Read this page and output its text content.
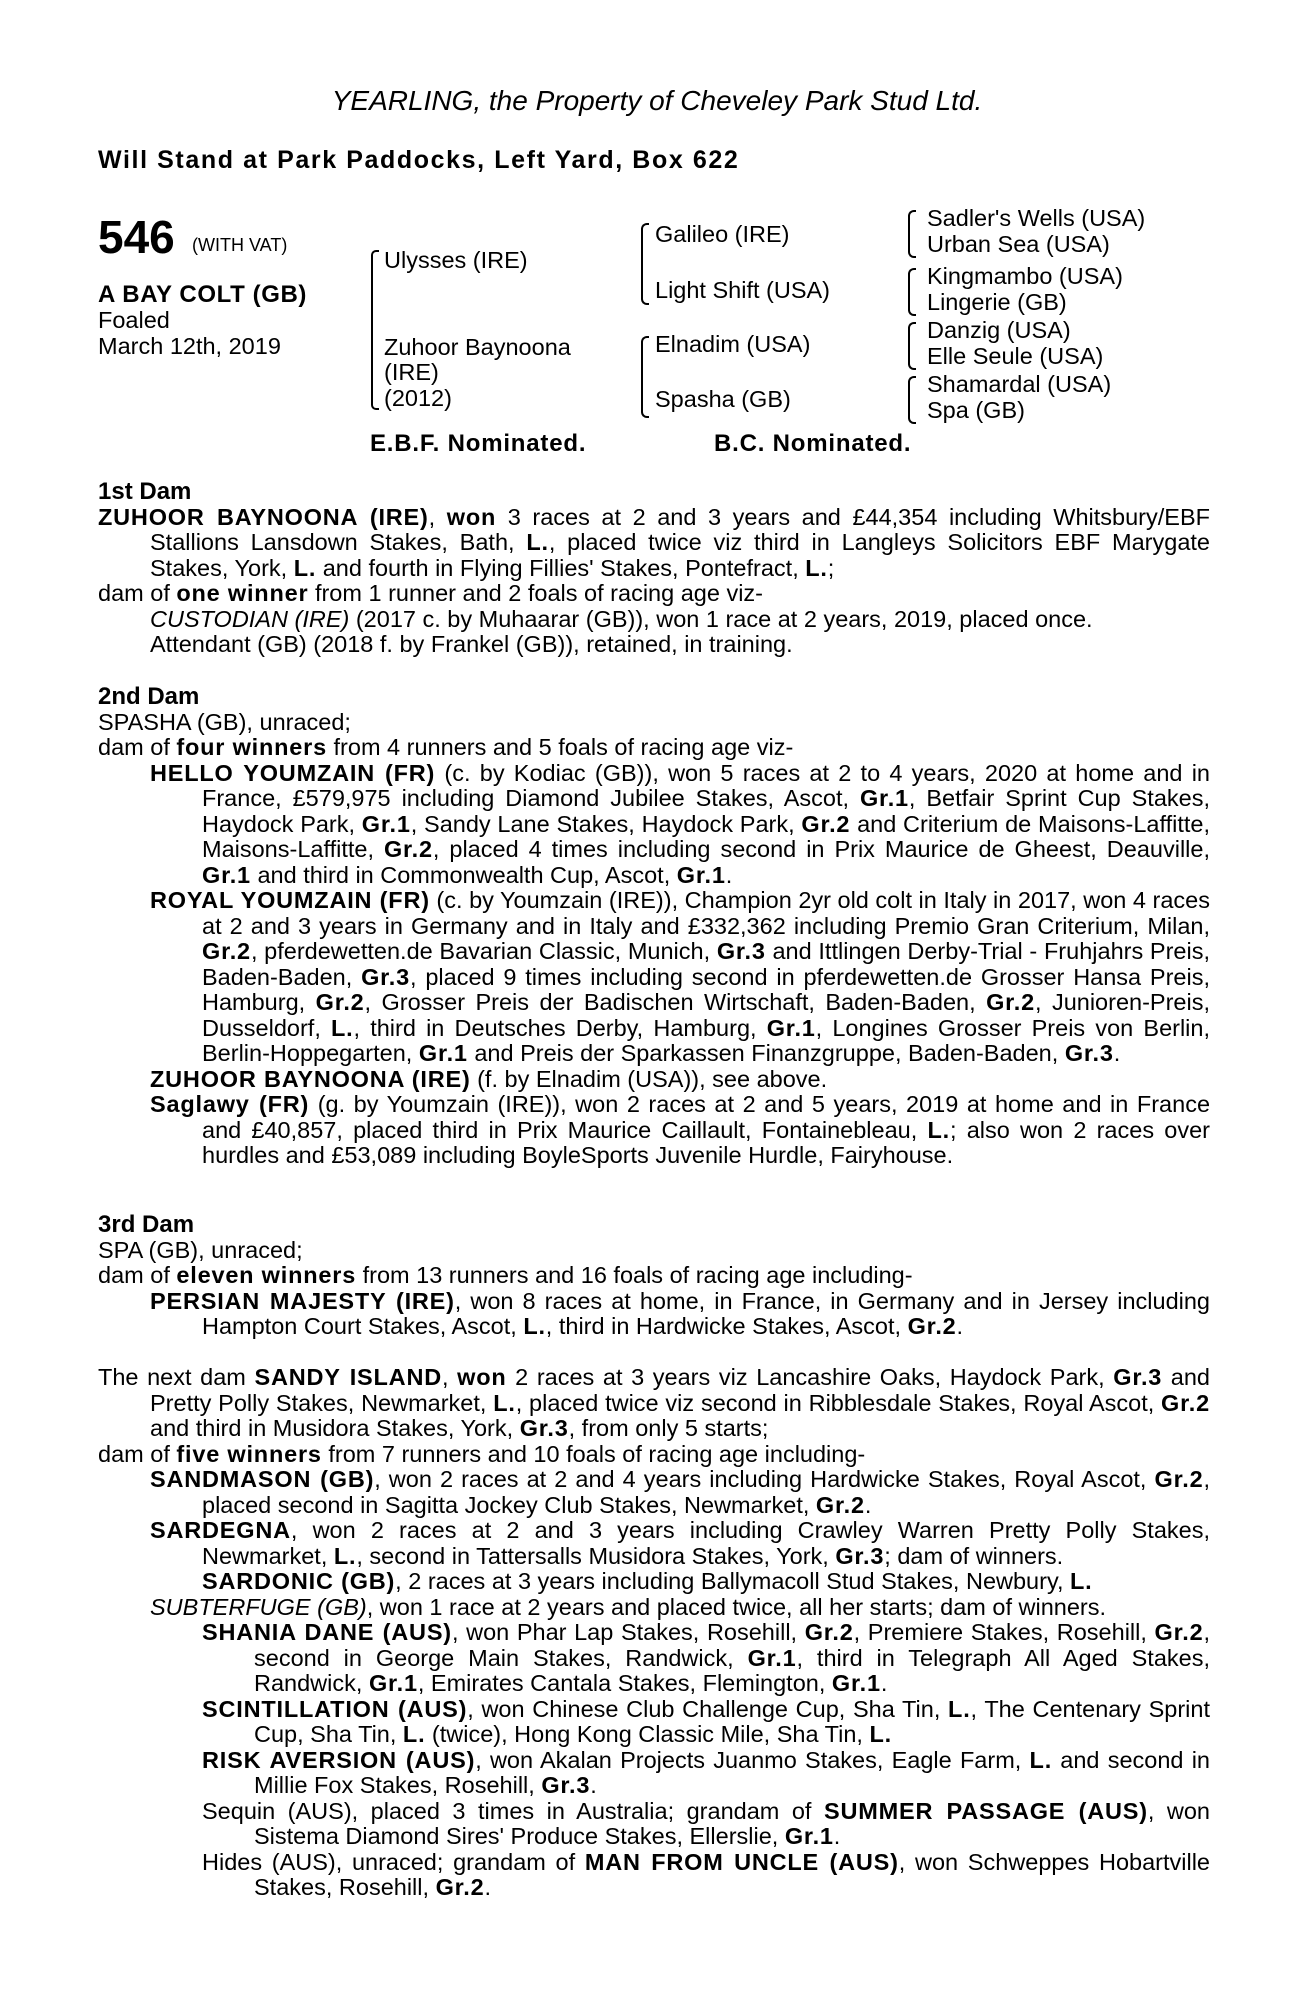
YEARLING, the Property of Cheveley Park Stud Ltd.
Will Stand at Park Paddocks, Left Yard, Box 622
546 (WITH VAT)
A BAY COLT (GB)
Foaled
March 12th, 2019
Ulysses (IRE)
Zuhoor Baynoona
(IRE)
(2012)
Galileo (IRE)
Light Shift (USA)
Elnadim (USA)
Spasha (GB)
Sadler's Wells (USA)
Urban Sea (USA)
Kingmambo (USA)
Lingerie (GB)
Danzig (USA)
Elle Seule (USA)
Shamardal (USA)
Spa (GB)
E.B.F. Nominated.	B.C. Nominated.
1st Dam

ZUHOOR BAYNOONA (IRE), won 3 races at 2 and 3 years and £44,354 including Whitsbury/EBF Stallions Lansdown Stakes, Bath, L., placed twice viz third in Langleys Solicitors EBF Marygate Stakes, York, L. and fourth in Flying Fillies' Stakes, Pontefract, L.;

dam of one winner from 1 runner and 2 foals of racing age viz-

CUSTODIAN (IRE) (2017 c. by Muhaarar (GB)), won 1 race at 2 years, 2019, placed once.

Attendant (GB) (2018 f. by Frankel (GB)), retained, in training.

2nd Dam

SPASHA (GB), unraced;

dam of four winners from 4 runners and 5 foals of racing age viz-

HELLO YOUMZAIN (FR) (c. by Kodiac (GB)), won 5 races at 2 to 4 years, 2020 at home and in France, £579,975 including Diamond Jubilee Stakes, Ascot, Gr.1, Betfair Sprint Cup Stakes, Haydock Park, Gr.1, Sandy Lane Stakes, Haydock Park, Gr.2 and Criterium de Maisons-Laffitte, Maisons-Laffitte, Gr.2, placed 4 times including second in Prix Maurice de Gheest, Deauville, Gr.1 and third in Commonwealth Cup, Ascot, Gr.1.

ROYAL YOUMZAIN (FR) (c. by Youmzain (IRE)), Champion 2yr old colt in Italy in 2017, won 4 races at 2 and 3 years in Germany and in Italy and £332,362 including Premio Gran Criterium, Milan, Gr.2, pferdewetten.de Bavarian Classic, Munich, Gr.3 and Ittlingen Derby-Trial - Fruhjahrs Preis, Baden-Baden, Gr.3, placed 9 times including second in pferdewetten.de Grosser Hansa Preis, Hamburg, Gr.2, Grosser Preis der Badischen Wirtschaft, Baden-Baden, Gr.2, Junioren-Preis, Dusseldorf, L., third in Deutsches Derby, Hamburg, Gr.1, Longines Grosser Preis von Berlin, Berlin-Hoppegarten, Gr.1 and Preis der Sparkassen Finanzgruppe, Baden-Baden, Gr.3.

ZUHOOR BAYNOONA (IRE) (f. by Elnadim (USA)), see above.

Saglawy (FR) (g. by Youmzain (IRE)), won 2 races at 2 and 5 years, 2019 at home and in France and £40,857, placed third in Prix Maurice Caillault, Fontainebleau, L.; also won 2 races over hurdles and £53,089 including BoyleSports Juvenile Hurdle, Fairyhouse.

3rd Dam

SPA (GB), unraced;

dam of eleven winners from 13 runners and 16 foals of racing age including-

PERSIAN MAJESTY (IRE), won 8 races at home, in France, in Germany and in Jersey including Hampton Court Stakes, Ascot, L., third in Hardwicke Stakes, Ascot, Gr.2.

The next dam SANDY ISLAND, won 2 races at 3 years viz Lancashire Oaks, Haydock Park, Gr.3 and Pretty Polly Stakes, Newmarket, L., placed twice viz second in Ribblesdale Stakes, Royal Ascot, Gr.2 and third in Musidora Stakes, York, Gr.3, from only 5 starts;

dam of five winners from 7 runners and 10 foals of racing age including-

SANDMASON (GB), won 2 races at 2 and 4 years including Hardwicke Stakes, Royal Ascot, Gr.2, placed second in Sagitta Jockey Club Stakes, Newmarket, Gr.2.

SARDEGNA, won 2 races at 2 and 3 years including Crawley Warren Pretty Polly Stakes, Newmarket, L., second in Tattersalls Musidora Stakes, York, Gr.3; dam of winners.

SARDONIC (GB), 2 races at 3 years including Ballymacoll Stud Stakes, Newbury, L.

SUBTERFUGE (GB), won 1 race at 2 years and placed twice, all her starts; dam of winners.

SHANIA DANE (AUS), won Phar Lap Stakes, Rosehill, Gr.2, Premiere Stakes, Rosehill, Gr.2, second in George Main Stakes, Randwick, Gr.1, third in Telegraph All Aged Stakes, Randwick, Gr.1, Emirates Cantala Stakes, Flemington, Gr.1.

SCINTILLATION (AUS), won Chinese Club Challenge Cup, Sha Tin, L., The Centenary Sprint Cup, Sha Tin, L. (twice), Hong Kong Classic Mile, Sha Tin, L.

RISK AVERSION (AUS), won Akalan Projects Juanmo Stakes, Eagle Farm, L. and second in Millie Fox Stakes, Rosehill, Gr.3.

Sequin (AUS), placed 3 times in Australia; grandam of SUMMER PASSAGE (AUS), won Sistema Diamond Sires' Produce Stakes, Ellerslie, Gr.1.

Hides (AUS), unraced; grandam of MAN FROM UNCLE (AUS), won Schweppes Hobartville Stakes, Rosehill, Gr.2.
